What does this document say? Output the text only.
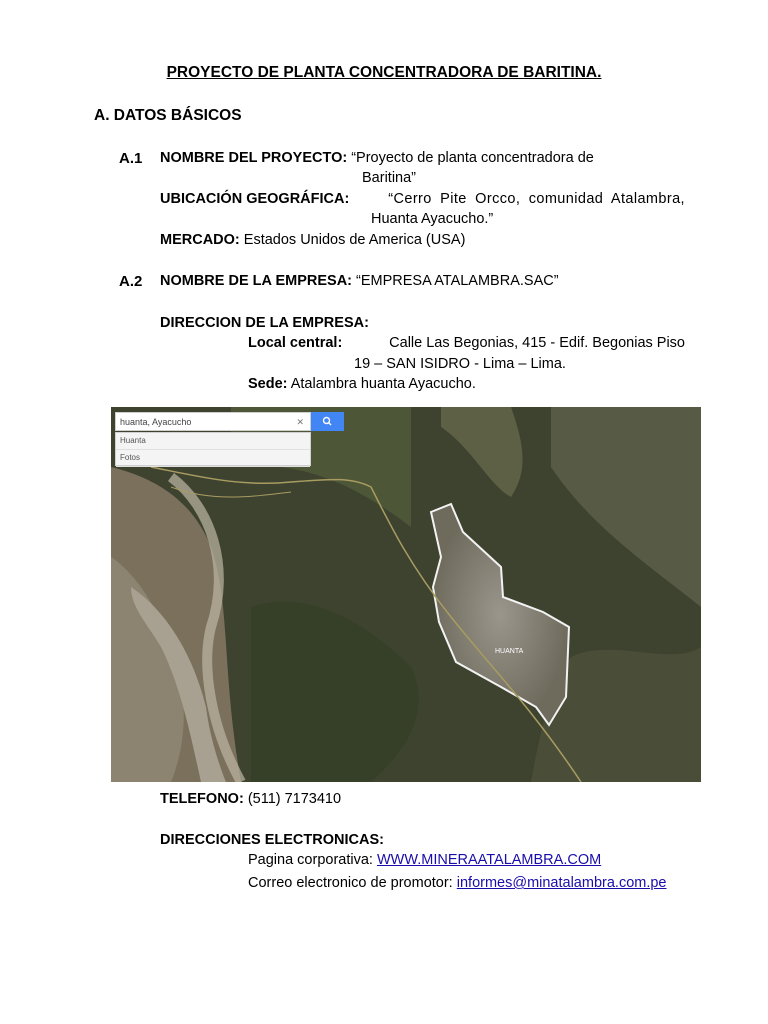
PROYECTO DE PLANTA CONCENTRADORA DE BARITINA.
A. DATOS BÁSICOS
A.1 NOMBRE DEL PROYECTO: “Proyecto de planta concentradora de
Baritina”
UBICACIÓN GEOGRÁFICA:	“Cerro Pite Orcco, comunidad Atalambra,
Huanta Ayacucho.”
MERCADO: Estados Unidos de America (USA)
A.2 NOMBRE DE LA EMPRESA: “EMPRESA ATALAMBRA.SAC”
DIRECCION DE LA EMPRESA:
Local central:	Calle Las Begonias, 415 - Edif. Begonias Piso
19 – SAN ISIDRO - Lima – Lima.
Sede: Atalambra huanta Ayacucho.
HUANTA
huanta, Ayacucho	✕
Huanta
Fotos
TELEFONO: (511) 7173410
DIRECCIONES ELECTRONICAS:
Pagina corporativa: WWW.MINERAATALAMBRA.COM
Correo electronico de promotor: informes@minatalambra.com.pe
